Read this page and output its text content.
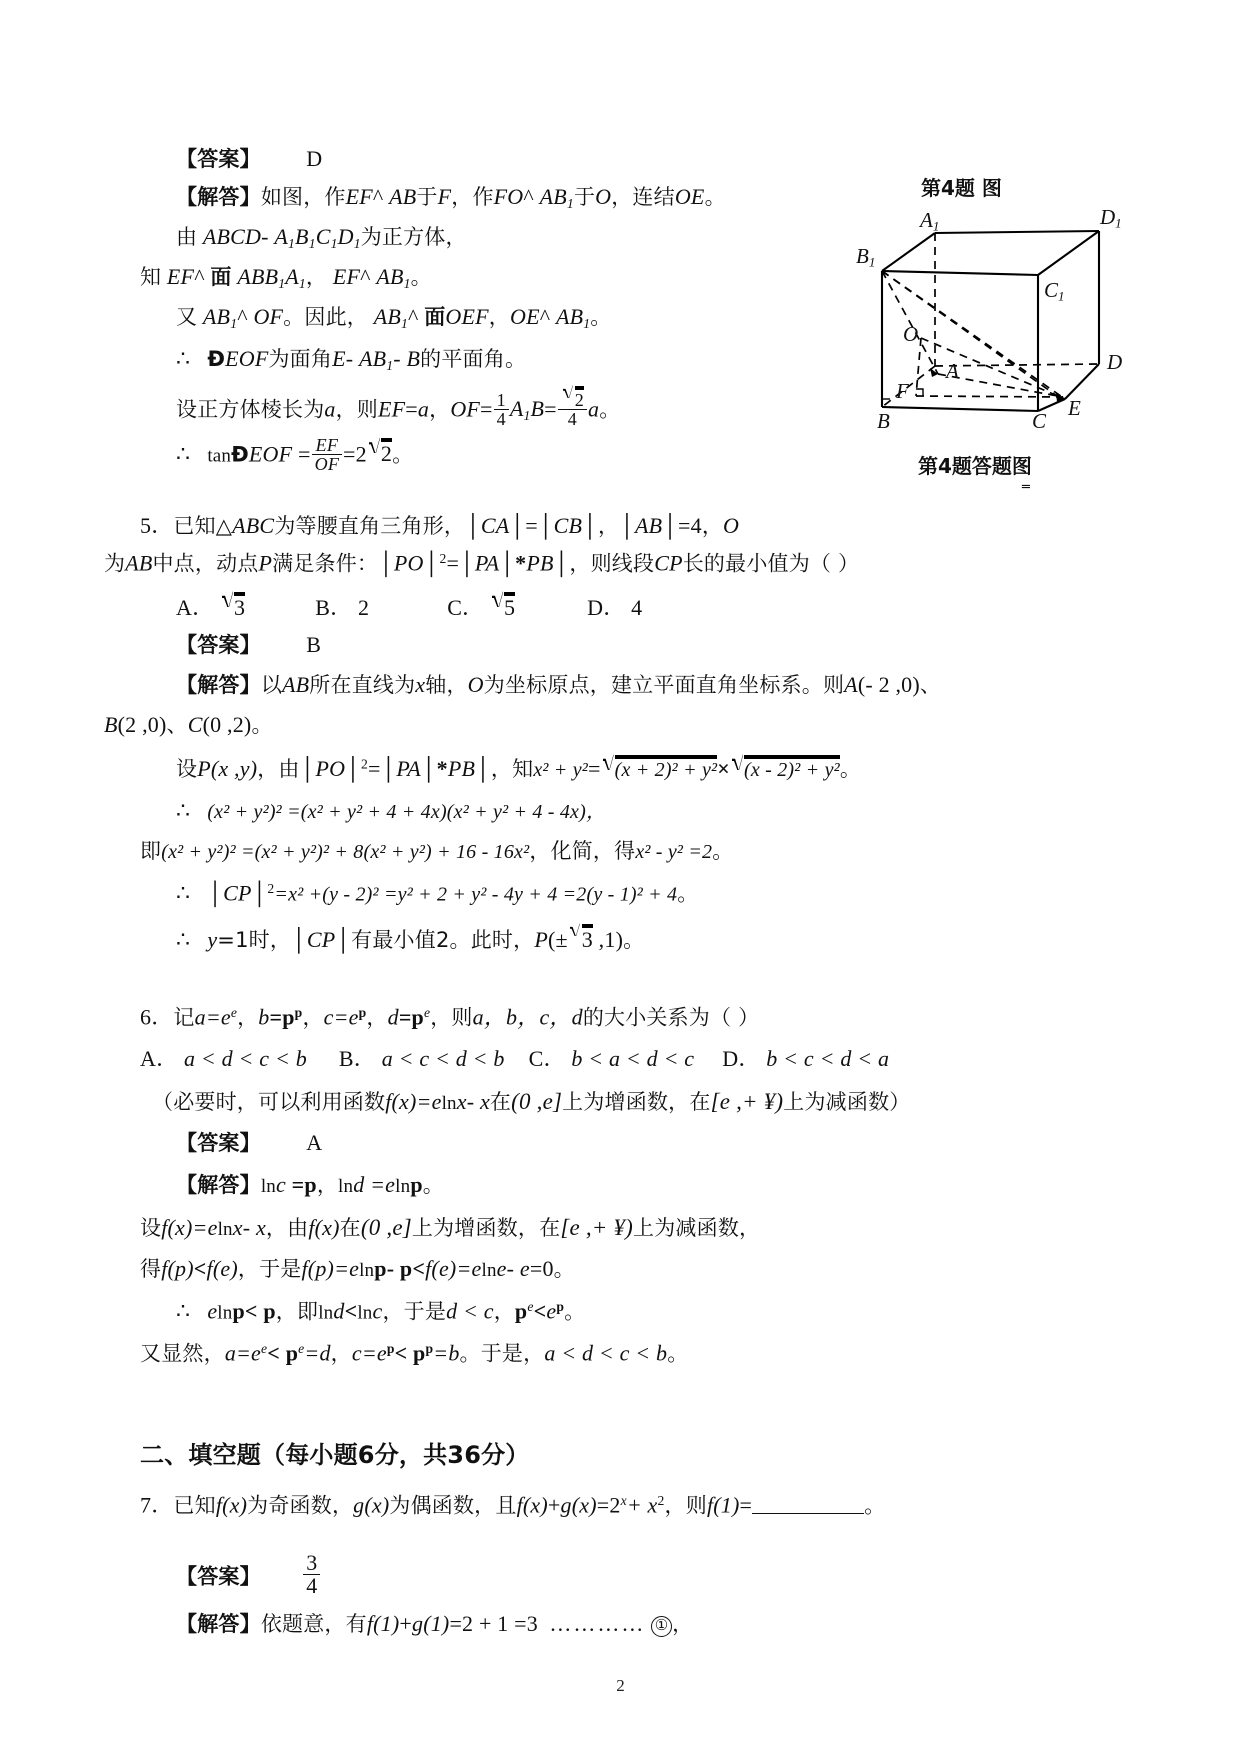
【答案】 D
【解答】如图，作EF^ AB于F，作FO^ $AB_1$于O，连结OE。
由 ABCD- $A_1B_1C_1D_1$为正方体，
知 EF^ 面 $ABB_1A_1$， EF^ $AB_1$。
又 $AB_1\^{}$ OF。因此， $AB_1\^{}$ 面OEF，OE^ $AB_1$。
∴ ÐEOF为面角E- $AB_1-$ B的平面角。
设正方体棱长为a，则EF=a，$OF= \frac{1}{4} A_1B= \frac{2}{4}$ a。
∴ tanÐEOF = $\frac{EF}{OF} =2$ 2。
第4题 图
$A_1$	$D_1$
$B_1$
$C_1$
O
A	D
F
B	C
E
第4题答题图
═
5．已知△ABC为等腰直角三角形，│CA│=│CB│，│AB│=4，O
为AB中点，动点P满足条件：│PO│$^2$=│PA│*PB│，则线段CP长的最小值为（ ）
A． 3	B． 2	C． 5	D． 4
【答案】 B
【解答】以AB所在直线为x轴，O为坐标原点，建立平面直角坐标系。则A(- 2 ,0)、
B(2 ,0)、C(0 ,2)。
设P(x ,y)，由│PO│$^2$=│PA│*PB│，知x² + y²= (x + 2)² + y²× (x - 2)² + y²。
∴ (x² + y²)² =(x² + y² + 4 + 4x)(x² + y² + 4 - 4x)，
即(x² + y²)² =(x² + y²)² + 8(x² + y²) + 16 - 16x²，化简，得x² - y² =2。
∴   │CP│$^2$=x² +(y - 2)² =y² + 2 + y² - 4y + 4 =2(y - 1)² + 4。
∴ y=1时，│CP│有最小值2。此时，P(± 3 ,1)。
6．记$a=e^e$，$b=p^p$，$c=e^p$，$d=p^e$，则a，b，c，d的大小关系为（ ）
A． a < d < c < b B． a < c < d < b C． b < a < d < c D． b < c < d < a
（必要时，可以利用函数f(x)=elnx- x在(0 ,e]上为增函数，在[e ,+ ¥)上为减函数）
【答案】 A
【解答】lnc =p，lnd =elnp。
设f(x)=elnx- x，由f(x)在(0 ,e]上为增函数，在[e ,+ ¥)上为减函数，
得f(p)<f(e)，于是f(p)=elnp- p<f(e)=elne- e=0。
∴ elnp< p，即lnd<lnc，于是d < c，$p^e<e^p$。
又显然，$a=e^e< p^e=d$，$c=e^p< p^p=b$。于是，a < d < c < b。
二、填空题（每小题6分，共36分）
7．已知f(x)为奇函数，g(x)为偶函数，且$f(x)+g(x)=2^x+ x^2$，则f(1)=	。
【答案】 $\frac{3}{4}$
【解答】依题意，有f(1)+g(1)=2 + 1 =3 ………… ① ，
2
